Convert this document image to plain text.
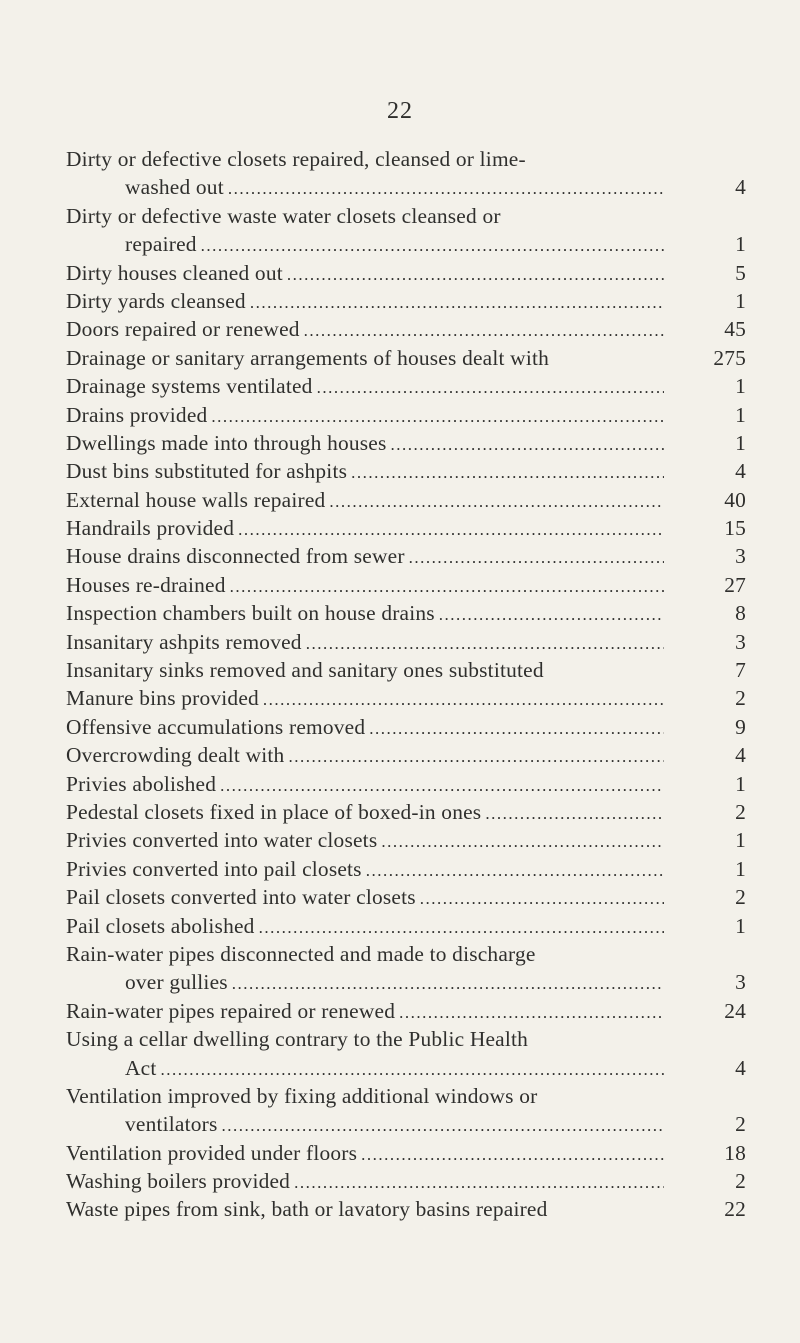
22
Dirty or defective closets repaired, cleansed or lime-
washed out .....	4
Dirty or defective waste water closets cleansed or
repaired .....	1
Dirty houses cleaned out .....	5
Dirty yards cleansed .....	1
Doors repaired or renewed .....	45
Drainage or sanitary arrangements of houses dealt with	275
Drainage systems ventilated .....	1
Drains provided .....	1
Dwellings made into through houses .....	1
Dust bins substituted for ashpits .....	4
External house walls repaired .....	40
Handrails provided .....	15
House drains disconnected from sewer .....	3
Houses re-drained .....	27
Inspection chambers built on house drains .....	8
Insanitary ashpits removed .....	3
Insanitary sinks removed and sanitary ones substituted	7
Manure bins provided .....	2
Offensive accumulations removed .....	9
Overcrowding dealt with .....	4
Privies abolished .....	1
Pedestal closets fixed in place of boxed-in ones .....	2
Privies converted into water closets .....	1
Privies converted into pail closets .....	1
Pail closets converted into water closets .....	2
Pail closets abolished .....	1
Rain-water pipes disconnected and made to discharge
over gullies .....	3
Rain-water pipes repaired or renewed .....	24
Using a cellar dwelling contrary to the Public Health
Act .....	4
Ventilation improved by fixing additional windows or
ventilators .....	2
Ventilation provided under floors .....	18
Washing boilers provided .....	2
Waste pipes from sink, bath or lavatory basins repaired	22
